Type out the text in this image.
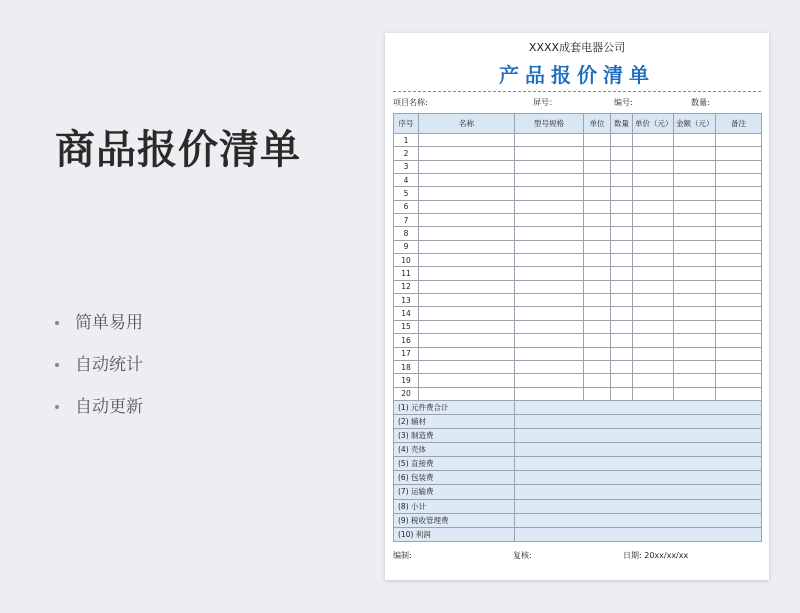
商品报价清单
简单易用
自动统计
自动更新
XXXX成套电器公司
产品报价清单
项目名称:	屏号：	编号:	数量:
序号	名称	型号规格	单位	数量	单价（元）	金额（元）	备注
1							
2							
3							
4							
5							
6							
7							
8							
9							
10							
11							
12							
13							
14							
15							
16							
17							
18							
19							
20							
(1) 元件费合计							
(2) 辅材							
(3) 制造费							
(4) 壳体							
(5) 直接费							
(6) 包装费							
(7) 运输费							
(8) 小计							
(9) 税收管理费							
(10) 利润							
编制:	复核:	日期: 20xx/xx/xx
